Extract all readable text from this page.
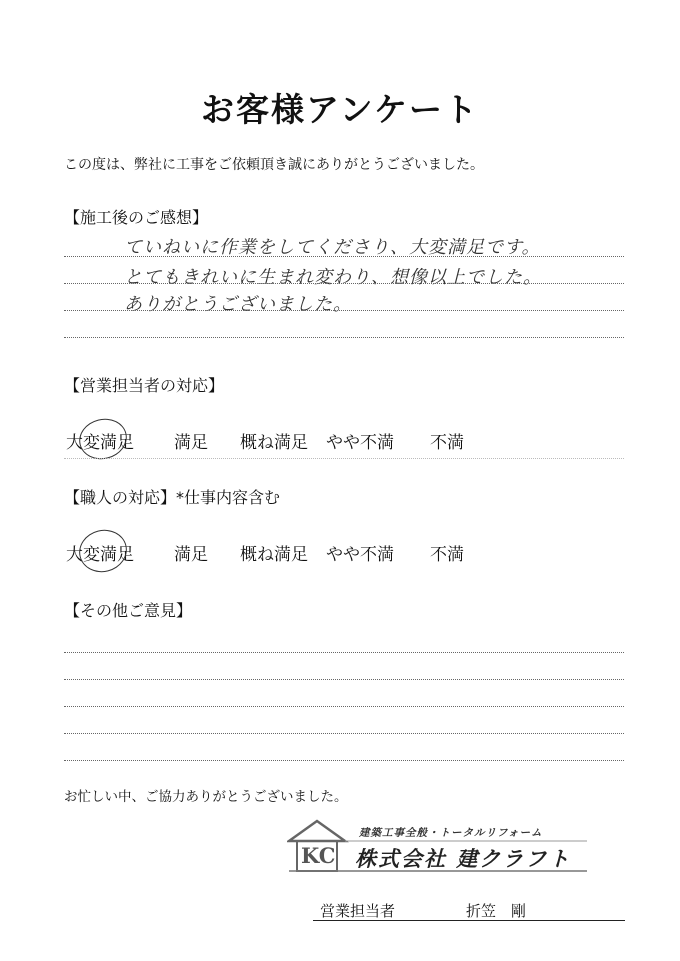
お客様アンケート
この度は、弊社に工事をご依頼頂き誠にありがとうございました。
【施工後のご感想】
ていねいに作業をしてくださり、大変満足です。
とてもきれいに生まれ変わり、想像以上でした。
ありがとうございました。
【営業担当者の対応】
大変満足 満足 概ね満足 やや不満 不満
【職人の対応】*仕事内容含む
大変満足 満足 概ね満足 やや不満 不満
【その他ご意見】
お忙しい中、ご協力ありがとうございました。
KC
建築工事全般・トータルリフォーム
株式会社 建クラフト
営業担当者	折笠　剛
